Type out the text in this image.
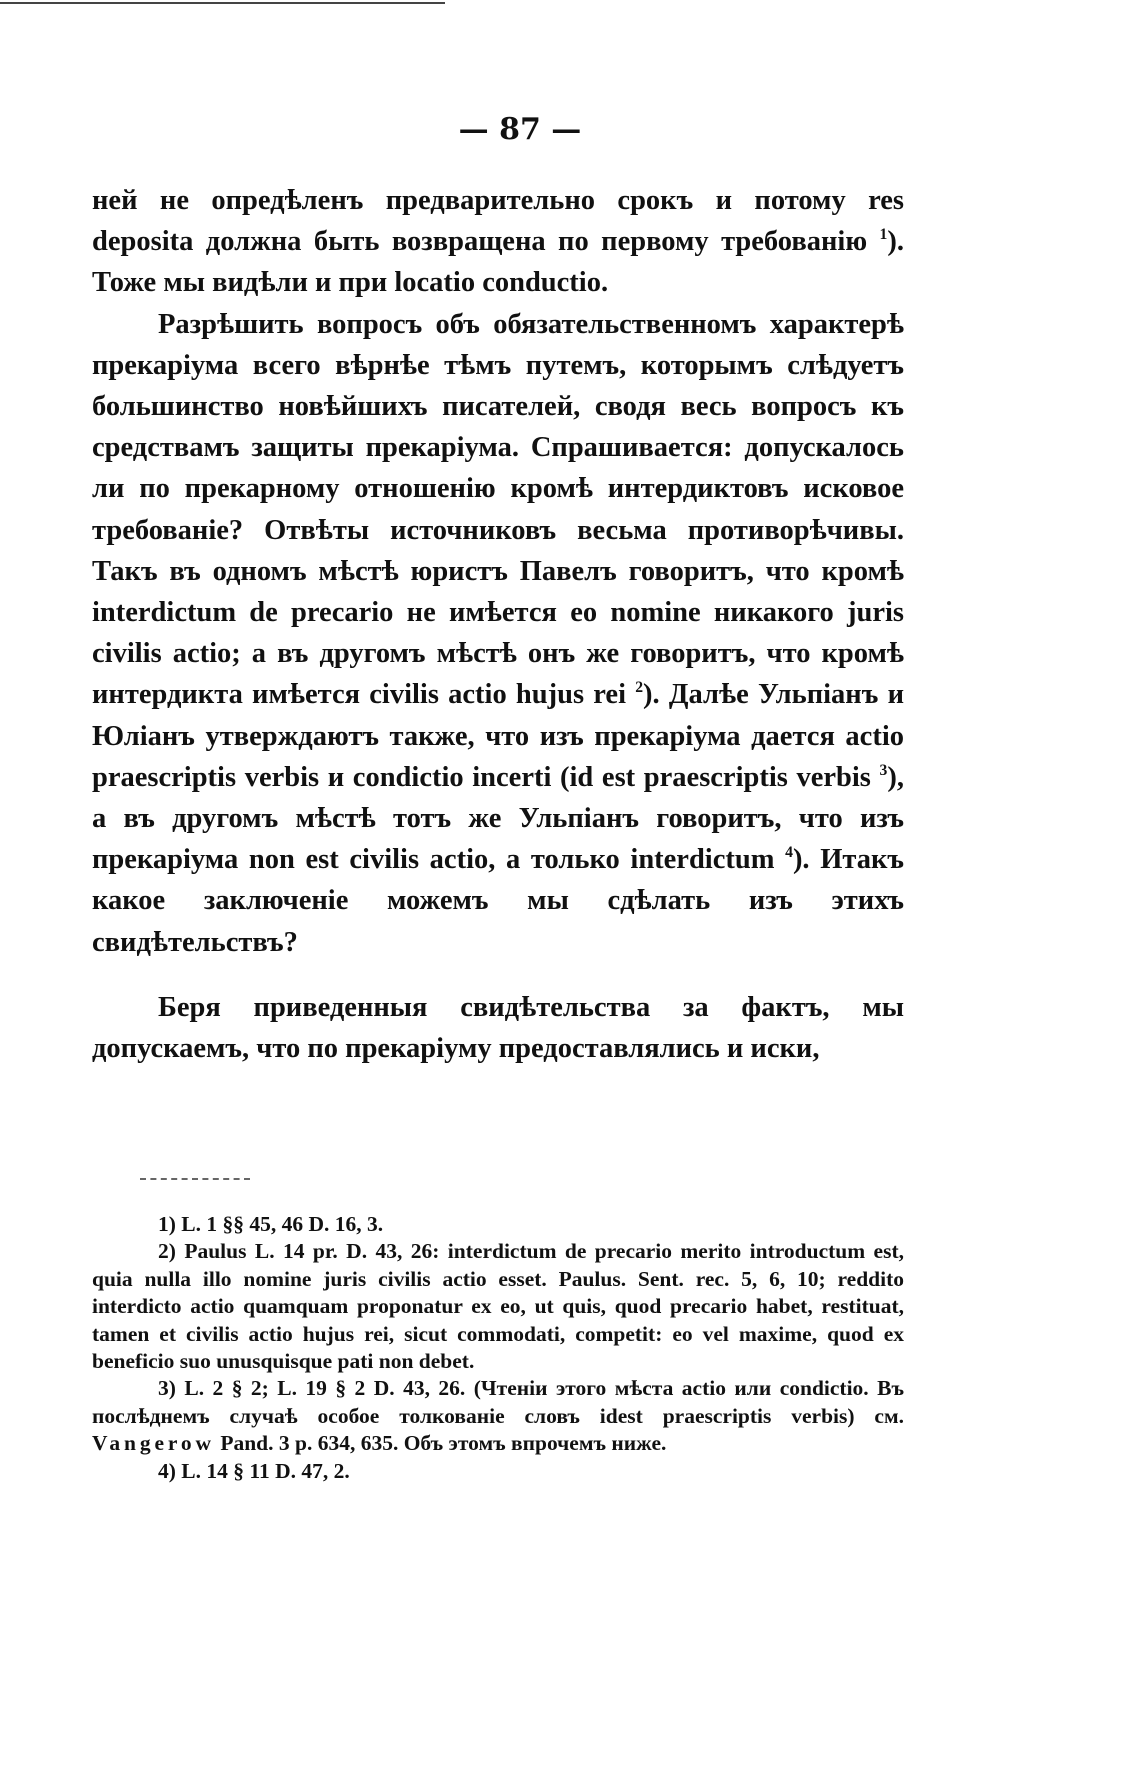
— 87 —

ней не опредѣленъ предварительно срокъ и потому res deposita должна быть возвращена по первому требованію $^1$). Тоже мы видѣли и при locatio conductio.

Разрѣшить вопросъ объ обязательственномъ характерѣ прекаріума всего вѣрнѣе тѣмъ путемъ, которымъ слѣдуетъ большинство новѣйшихъ писателей, сводя весь вопросъ къ средствамъ защиты прекаріума. Спрашивается: допускалось ли по прекарному отношенію кромѣ интердиктовъ исковое требованіе? Отвѣты источниковъ весьма противорѣчивы. Такъ въ одномъ мѣстѣ юристъ Павелъ говоритъ, что кромѣ interdictum de precario не имѣется eo nomine никакого juris civilis actio; а въ другомъ мѣстѣ онъ же говоритъ, что кромѣ интердикта имѣется civilis actio hujus rei $^2$). Далѣе Ульпіанъ и Юліанъ утверждаютъ также, что изъ прекаріума дается actio praescriptis verbis и condictio incerti (id est praescriptis verbis $^3$), а въ другомъ мѣстѣ тотъ же Ульпіанъ говоритъ, что изъ прекаріума non est civilis actio, а только interdictum $^4$). Итакъ какое заключеніе можемъ мы сдѣлать изъ этихъ свидѣтельствъ?

Беря приведенныя свидѣтельства за фактъ, мы допускаемъ, что по прекаріуму предоставлялись и иски,

1) L. 1 §§ 45, 46 D. 16, 3.

2) Paulus L. 14 pr. D. 43, 26: interdictum de precario merito introductum est, quia nulla illo nomine juris civilis actio esset. Paulus. Sent. rec. 5, 6, 10; reddito interdicto actio quamquam proponatur ex eo, ut quis, quod precario habet, restituat, tamen et civilis actio hujus rei, sicut commodati, competit: eo vel maxime, quod ex beneficio suo unusquisque pati non debet.

3) L. 2 § 2; L. 19 § 2 D. 43, 26. (Чтеніи этого мѣста actio или condictio. Въ послѣднемъ случаѣ особое толкованіе словъ idest praescriptis verbis) см. Vangerow Pand. 3 p. 634, 635. Объ этомъ впрочемъ ниже.

4) L. 14 § 11 D. 47, 2.
